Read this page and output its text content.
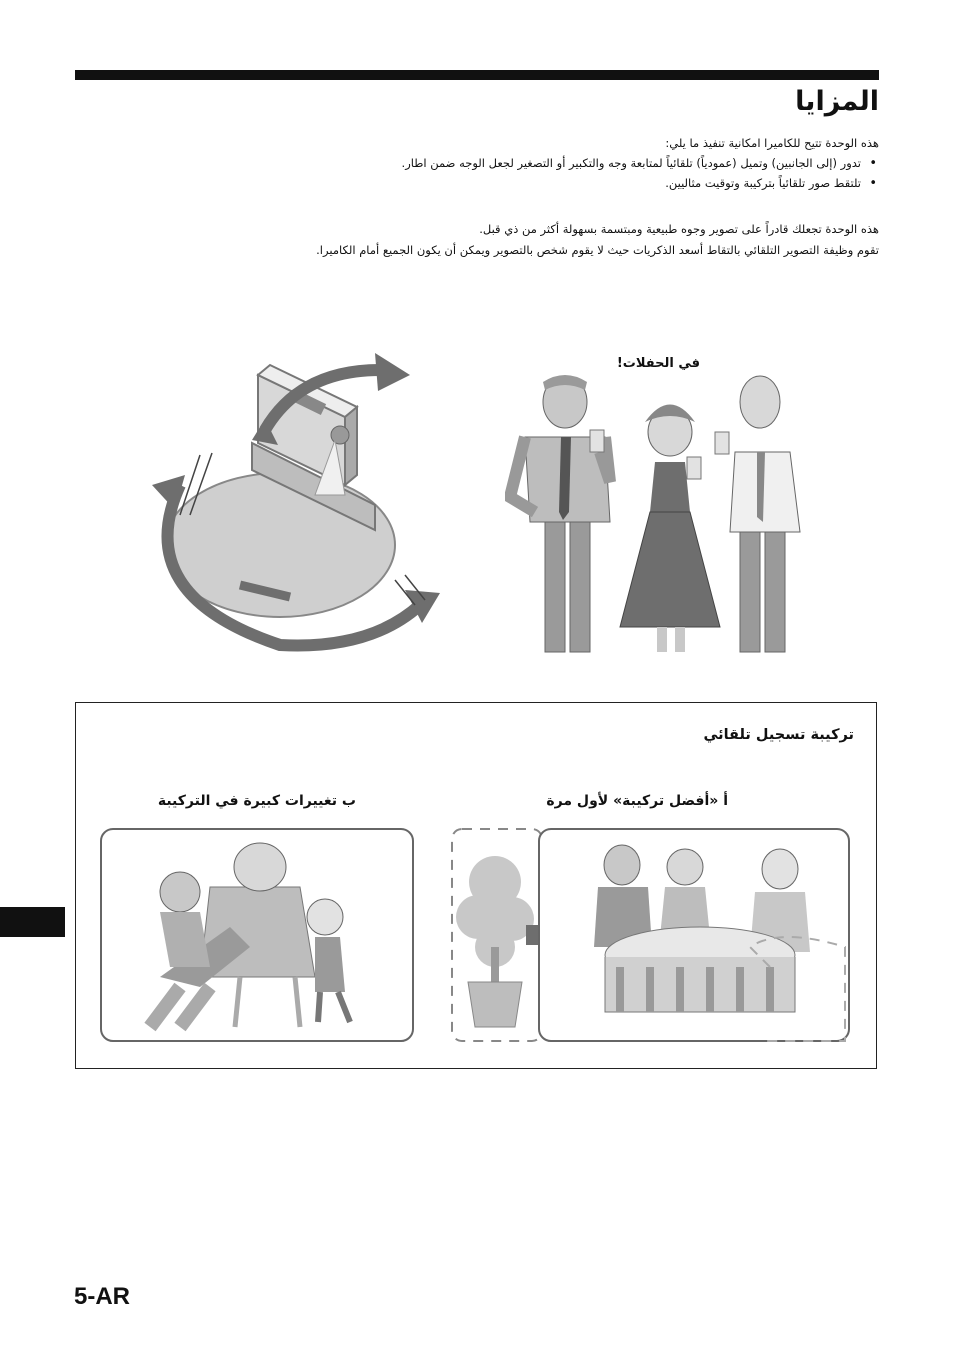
المزايا

هذه الوحدة تتيح للكاميرا امكانية تنفيذ ما يلي:

• تدور (إلى الجانبين) وتميل (عمودياً) تلقائياً لمتابعة وجه والتكبير أو التصغير لجعل الوجه ضمن اطار.
• تلتقط صور تلقائياً بتركيبة وتوقيت مثاليين.

هذه الوحدة تجعلك قادراً على تصوير وجوه طبيعية ومبتسمة بسهولة أكثر من ذي قبل.

تقوم وظيفة التصوير التلقائي بالتقاط أسعد الذكريات حيث لا يقوم شخص بالتصوير ويمكن أن يكون الجميع أمام الكاميرا.

في الحفلات!
تركيبة تسجيل تلقائي
أ «أفضل تركيبة» لأول مرة
ب تغييرات كبيرة في التركيبة

5-AR
